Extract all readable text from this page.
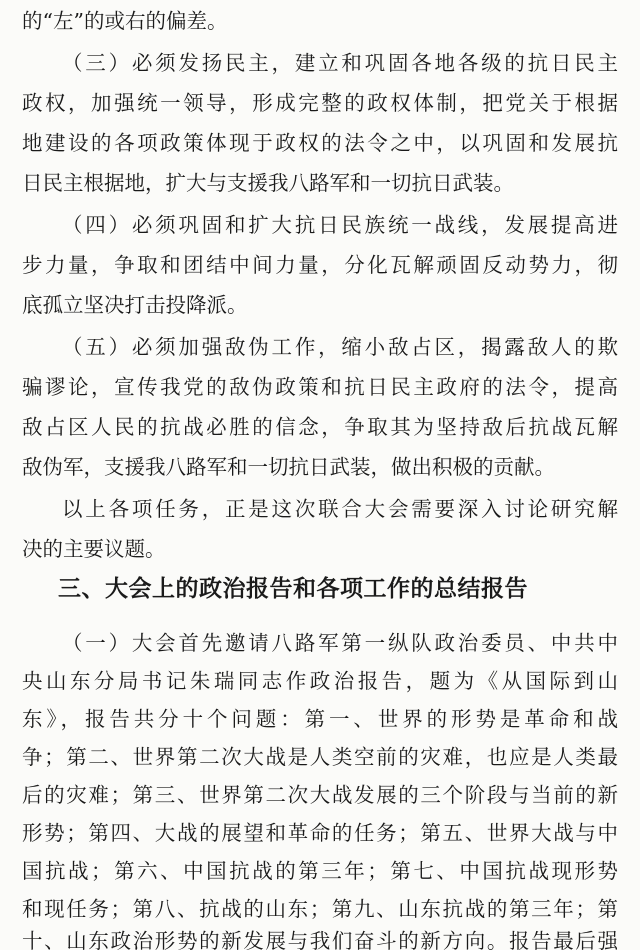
的“左”的或右的偏差。
（三）必须发扬民主，建立和巩固各地各级的抗日民主
政权，加强统一领导，形成完整的政权体制，把党关于根据
地建设的各项政策体现于政权的法令之中，以巩固和发展抗
日民主根据地，扩大与支援我八路军和一切抗日武装。
（四）必须巩固和扩大抗日民族统一战线，发展提高进
步力量，争取和团结中间力量，分化瓦解顽固反动势力，彻
底孤立坚决打击投降派。
（五）必须加强敌伪工作，缩小敌占区，揭露敌人的欺
骗谬论，宣传我党的敌伪政策和抗日民主政府的法令，提高
敌占区人民的抗战必胜的信念，争取其为坚持敌后抗战瓦解
敌伪军，支援我八路军和一切抗日武装，做出积极的贡献。
以上各项任务，正是这次联合大会需要深入讨论研究解
三、大会上的政治报告和各项工作的总结报告
（一）大会首先邀请八路军第一纵队政治委员、中共中
央山东分局书记朱瑞同志作政治报告，题为《从国际到山
东》，报告共分十个问题：第一、世界的形势是革命和战
争；第二、世界第二次大战是人类空前的灾难，也应是人类最
后的灾难；第三、世界第二次大战发展的三个阶段与当前的新
形势；第四、大战的展望和革命的任务；第五、世界大战与中
国抗战；第六、中国抗战的第三年；第七、中国抗战现形势
和现任务；第八、抗战的山东；第九、山东抗战的第三年；第
十、山东政治形势的新发展与我们奋斗的新方向。报告最后强
决的主要议题。
